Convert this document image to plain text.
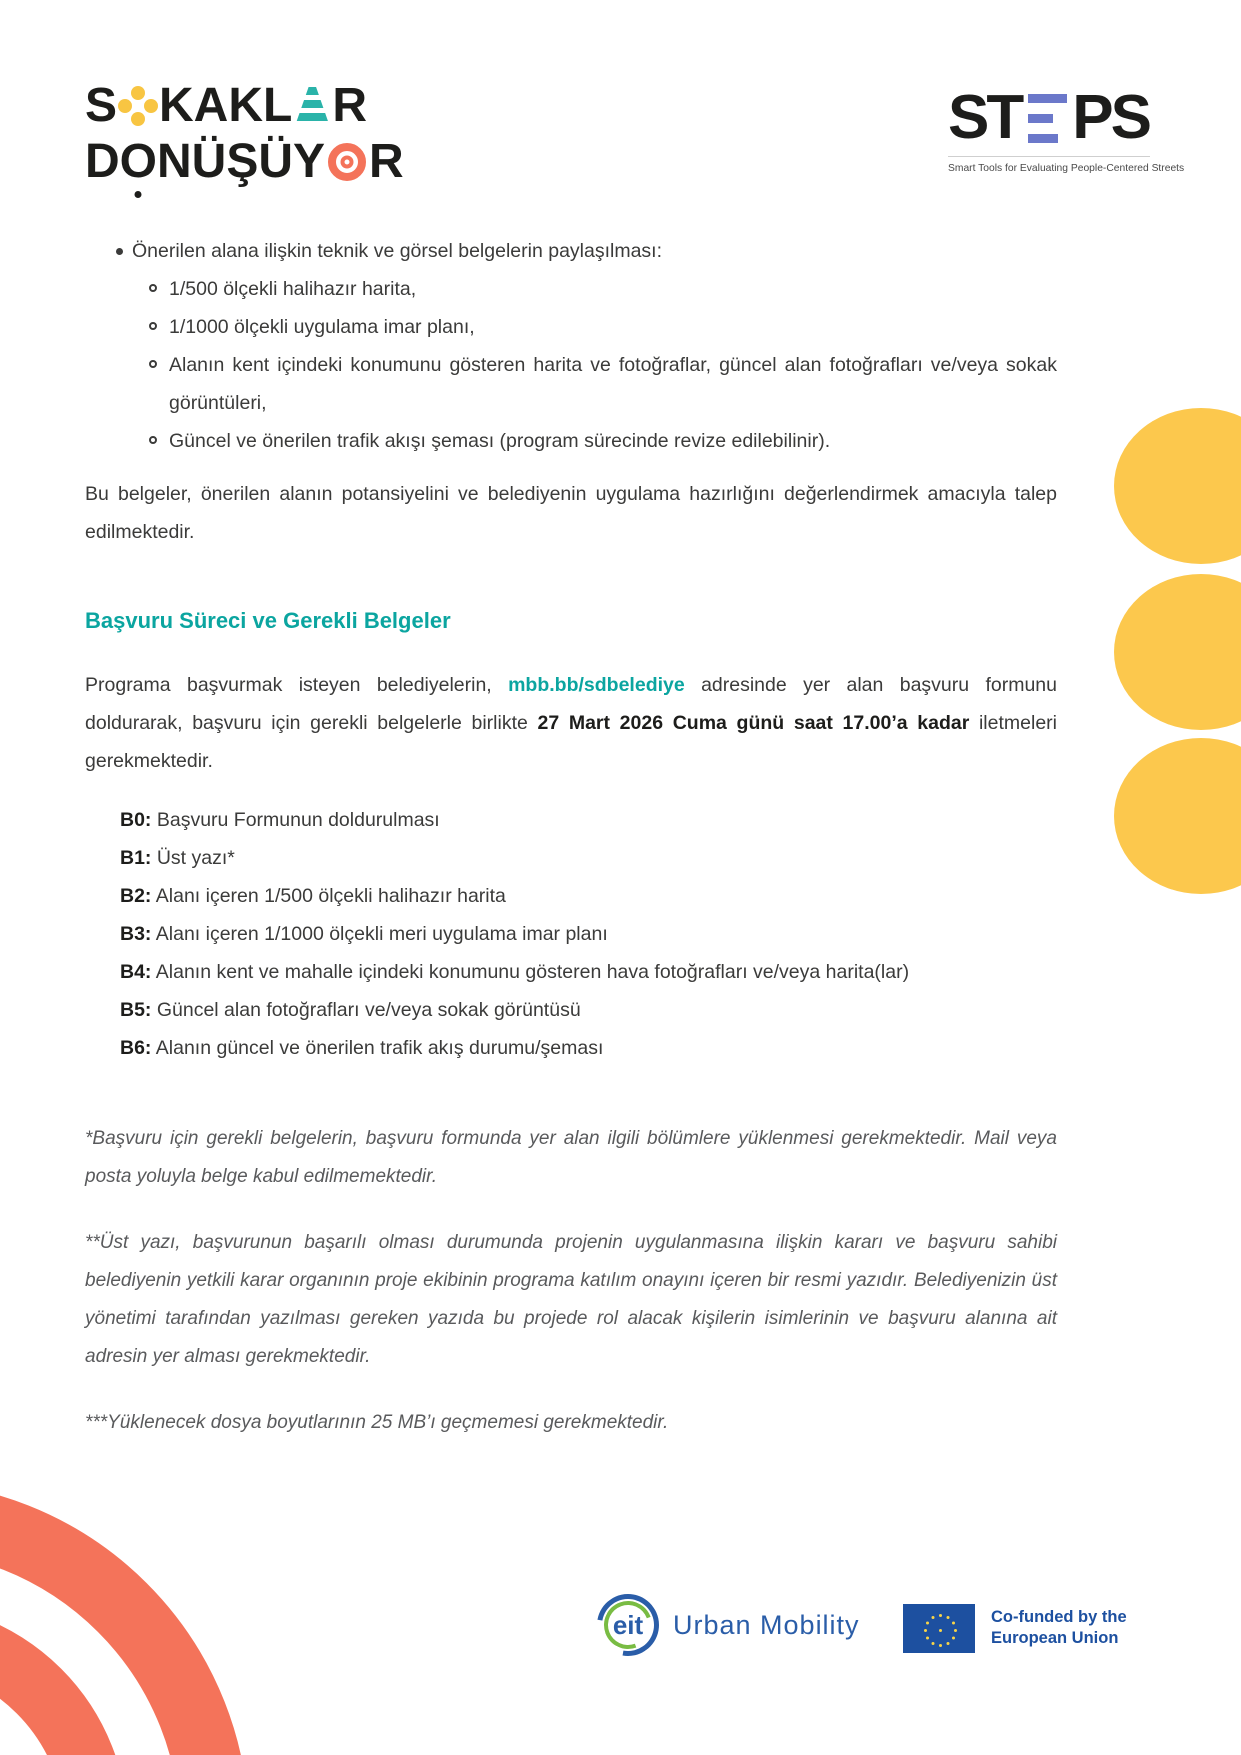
S KAKL R
D O NÜŞÜY R
ST PS
Smart Tools for Evaluating People-Centered Streets
Önerilen alana ilişkin teknik ve görsel belgelerin paylaşılması:
1/500 ölçekli halihazır harita,
1/1000 ölçekli uygulama imar planı,
Alanın kent içindeki konumunu gösteren harita ve fotoğraflar, güncel alan fotoğrafları ve/veya sokak görüntüleri,
Güncel ve önerilen trafik akışı şeması (program sürecinde revize edilebilinir).

Bu belgeler, önerilen alanın potansiyelini ve belediyenin uygulama hazırlığını değerlendirmek amacıyla talep edilmektedir.

Başvuru Süreci ve Gerekli Belgeler

Programa başvurmak isteyen belediyelerin, mbb.bb/sdbelediye adresinde yer alan başvuru formunu doldurarak, başvuru için gerekli belgelerle birlikte 27 Mart 2026 Cuma günü saat 17.00’a kadar iletmeleri gerekmektedir.

B0: Başvuru Formunun doldurulması
B1: Üst yazı*
B2: Alanı içeren 1/500 ölçekli halihazır harita
B3: Alanı içeren 1/1000 ölçekli meri uygulama imar planı
B4: Alanın kent ve mahalle içindeki konumunu gösteren hava fotoğrafları ve/veya harita(lar)
B5: Güncel alan fotoğrafları ve/veya sokak görüntüsü
B6: Alanın güncel ve önerilen trafik akış durumu/şeması

*Başvuru için gerekli belgelerin, başvuru formunda yer alan ilgili bölümlere yüklenmesi gerekmektedir. Mail veya posta yoluyla belge kabul edilmemektedir.

**Üst yazı, başvurunun başarılı olması durumunda projenin uygulanmasına ilişkin kararı ve başvuru sahibi belediyenin yetkili karar organının proje ekibinin programa katılım onayını içeren bir resmi yazıdır. Belediyenizin üst yönetimi tarafından yazılması gereken yazıda bu projede rol alacak kişilerin isimlerinin ve başvuru alanına ait adresin yer alması gerekmektedir.

***Yüklenecek dosya boyutlarının 25 MB’ı geçmemesi gerekmektedir.

eit	Urban Mobility	Co-funded by the
European Union
